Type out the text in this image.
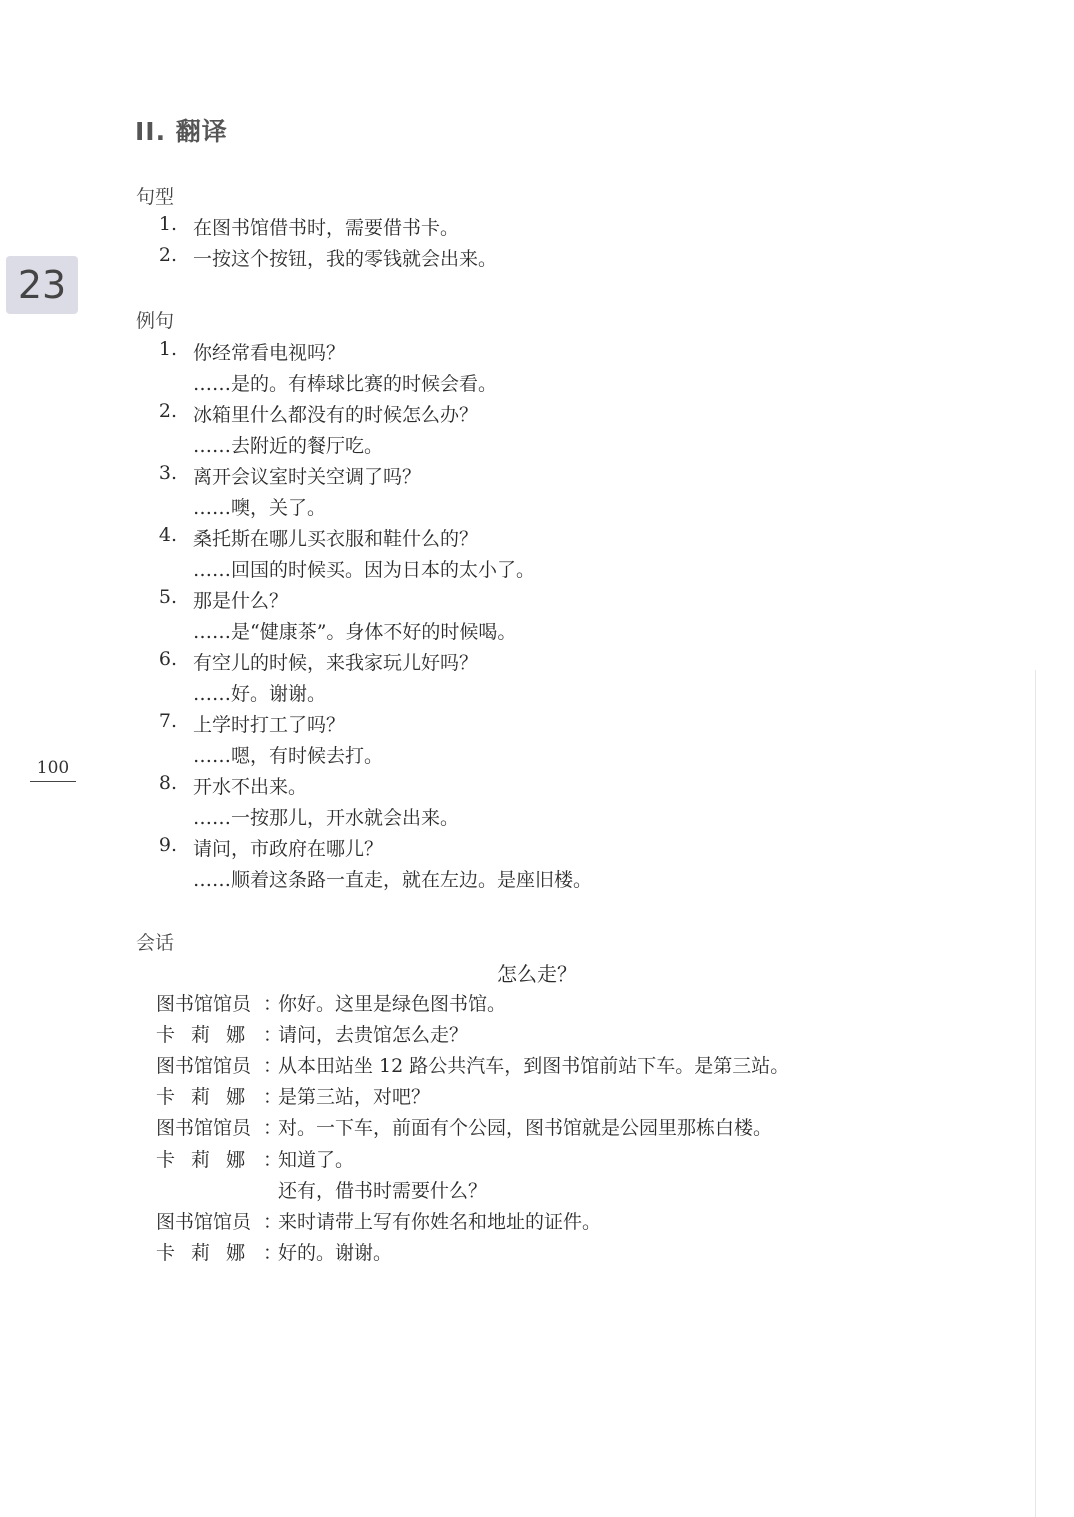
II. 翻译
23
100
句型
1. 在图书馆借书时，需要借书卡。
2. 一按这个按钮，我的零钱就会出来。
例句
1. 你经常看电视吗？
……是的。有棒球比赛的时候会看。
2. 冰箱里什么都没有的时候怎么办？
……去附近的餐厅吃。
3. 离开会议室时关空调了吗？
……噢，关了。
4. 桑托斯在哪儿买衣服和鞋什么的？
……回国的时候买。因为日本的太小了。
5. 那是什么？
……是“健康茶”。身体不好的时候喝。
6. 有空儿的时候，来我家玩儿好吗？
……好。谢谢。
7. 上学时打工了吗？
……嗯，有时候去打。
8. 开水不出来。
……一按那儿，开水就会出来。
9. 请问，市政府在哪儿？
……顺着这条路一直走，就在左边。是座旧楼。
会话
怎么走？
图书馆馆员 ：
你好。这里是绿色图书馆。
卡 莉 娜 ：
请问，去贵馆怎么走？
图书馆馆员 ：
从本田站坐 12 路公共汽车，到图书馆前站下车。是第三站。
卡 莉 娜 ：
是第三站，对吧？
图书馆馆员 ：
对。一下车，前面有个公园，图书馆就是公园里那栋白楼。
卡 莉 娜 ：
知道了。
还有，借书时需要什么？
图书馆馆员 ：
来时请带上写有你姓名和地址的证件。
卡 莉 娜 ：
好的。谢谢。
